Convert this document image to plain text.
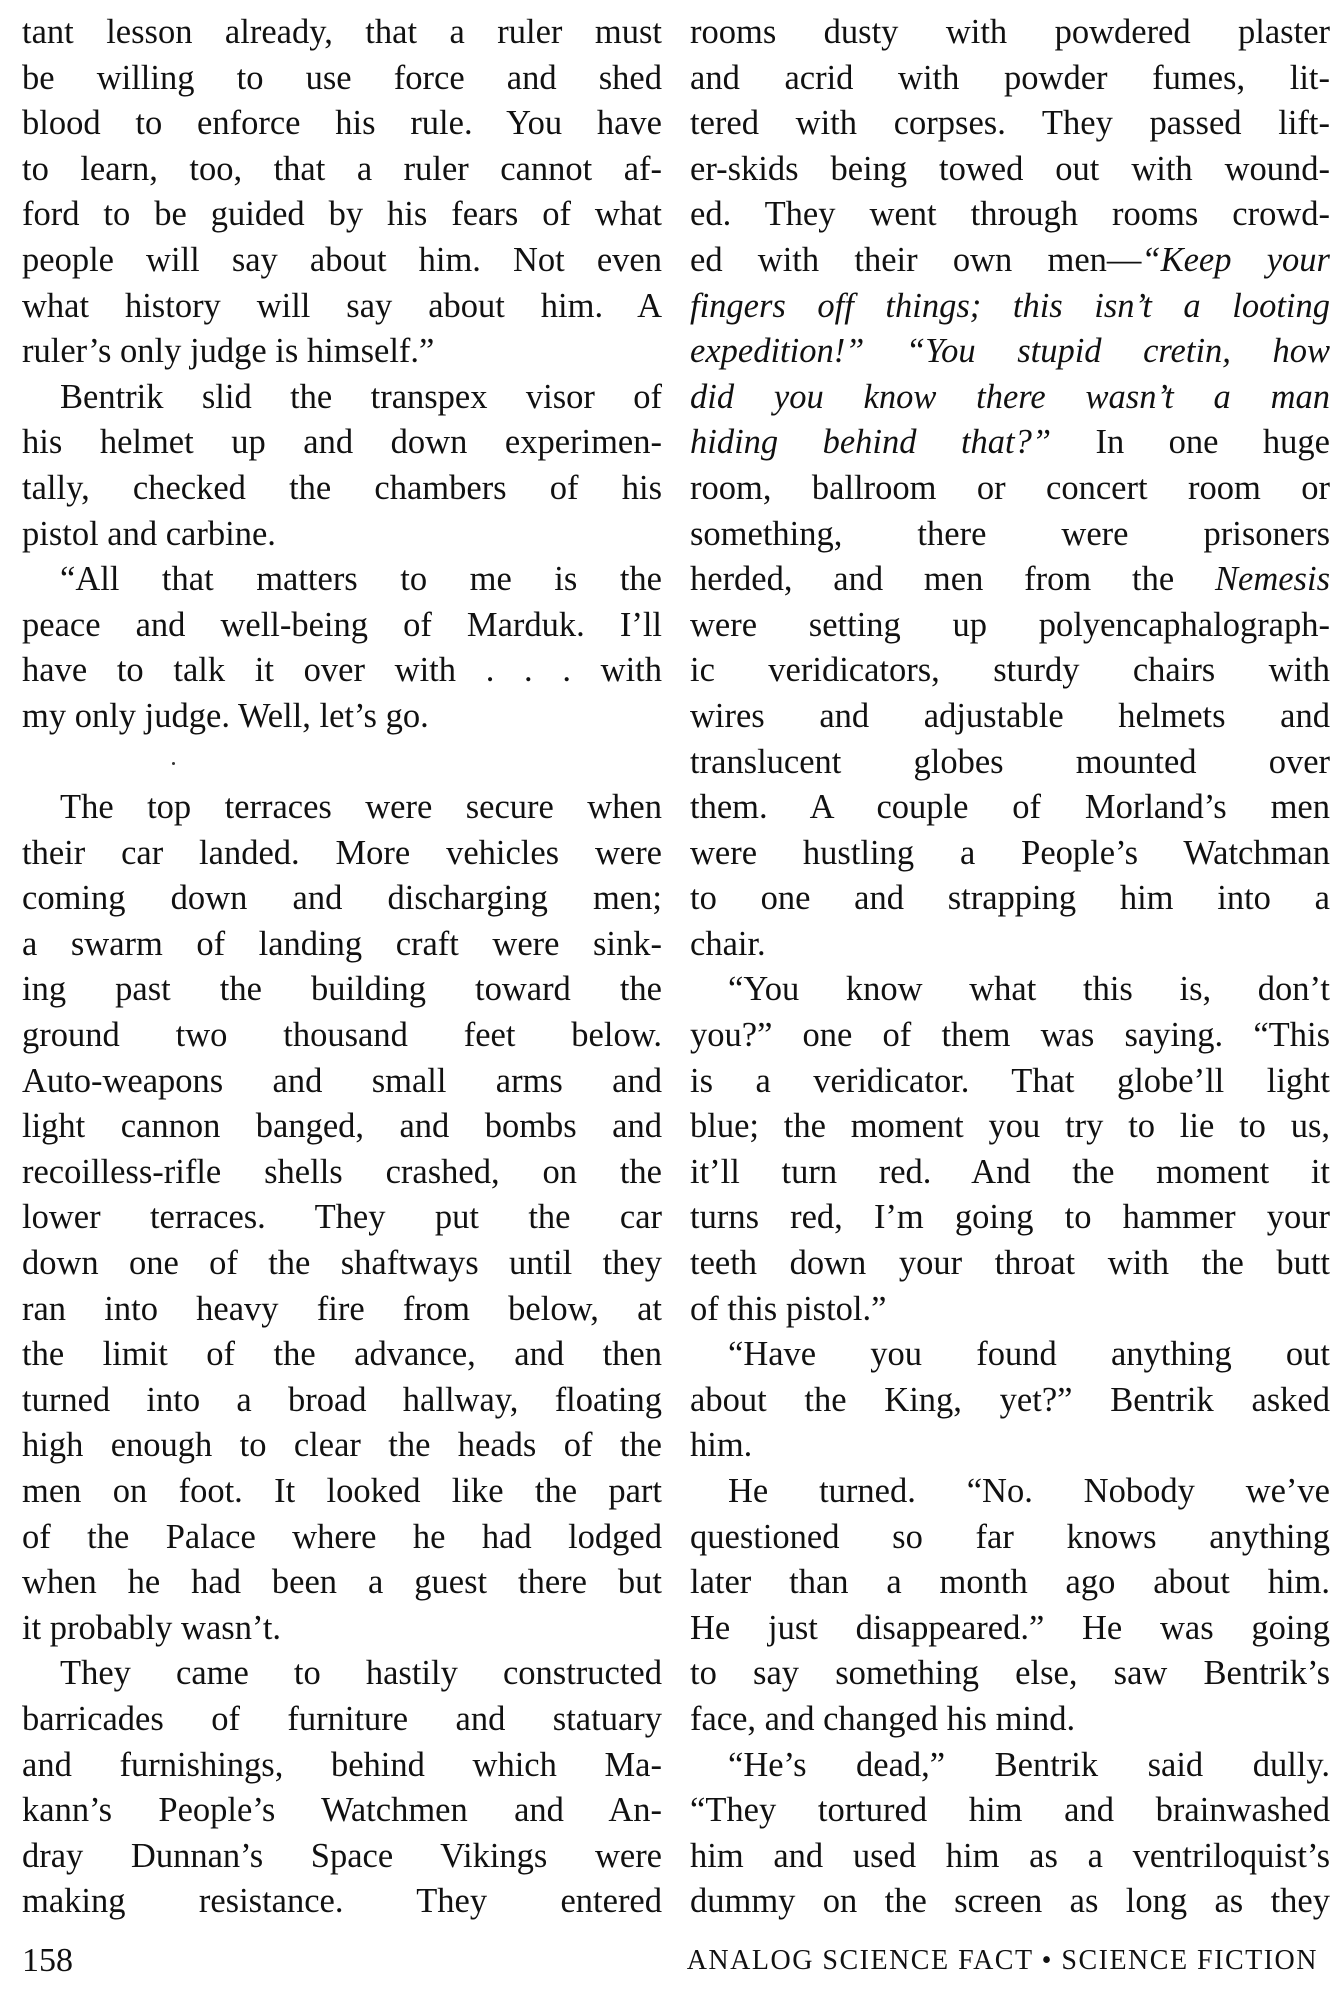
tant lesson already, that a ruler must
be willing to use force and shed
blood to enforce his rule. You have
to learn, too, that a ruler cannot af-
ford to be guided by his fears of what
people will say about him. Not even
what history will say about him. A
ruler’s only judge is himself.”
Bentrik slid the transpex visor of
his helmet up and down experimen-
tally, checked the chambers of his
pistol and carbine.
“All that matters to me is the
peace and well-being of Marduk. I’ll
have to talk it over with . . . with
my only judge. Well, let’s go.
The top terraces were secure when
their car landed. More vehicles were
coming down and discharging men;
a swarm of landing craft were sink-
ing past the building toward the
ground two thousand feet below.
Auto-weapons and small arms and
light cannon banged, and bombs and
recoilless-rifle shells crashed, on the
lower terraces. They put the car
down one of the shaftways until they
ran into heavy fire from below, at
the limit of the advance, and then
turned into a broad hallway, floating
high enough to clear the heads of the
men on foot. It looked like the part
of the Palace where he had lodged
when he had been a guest there but
it probably wasn’t.
They came to hastily constructed
barricades of furniture and statuary
and furnishings, behind which Ma-
kann’s People’s Watchmen and An-
dray Dunnan’s Space Vikings were
making resistance. They entered
rooms dusty with powdered plaster
and acrid with powder fumes, lit-
tered with corpses. They passed lift-
er-skids being towed out with wound-
ed. They went through rooms crowd-
ed with their own men—“Keep your
fingers off things; this isn’t a looting
expedition!” “You stupid cretin, how
did you know there wasn’t a man
hiding behind that?” In one huge
room, ballroom or concert room or
something, there were prisoners
herded, and men from the Nemesis
were setting up polyencaphalograph-
ic veridicators, sturdy chairs with
wires and adjustable helmets and
translucent globes mounted over
them. A couple of Morland’s men
were hustling a People’s Watchman
to one and strapping him into a
chair.
“You know what this is, don’t
you?” one of them was saying. “This
is a veridicator. That globe’ll light
blue; the moment you try to lie to us,
it’ll turn red. And the moment it
turns red, I’m going to hammer your
teeth down your throat with the butt
of this pistol.”
“Have you found anything out
about the King, yet?” Bentrik asked
him.
He turned. “No. Nobody we’ve
questioned so far knows anything
later than a month ago about him.
He just disappeared.” He was going
to say something else, saw Bentrik’s
face, and changed his mind.
“He’s dead,” Bentrik said dully.
“They tortured him and brainwashed
him and used him as a ventriloquist’s
dummy on the screen as long as they
158	ANALOG SCIENCE FACT • SCIENCE FICTION
